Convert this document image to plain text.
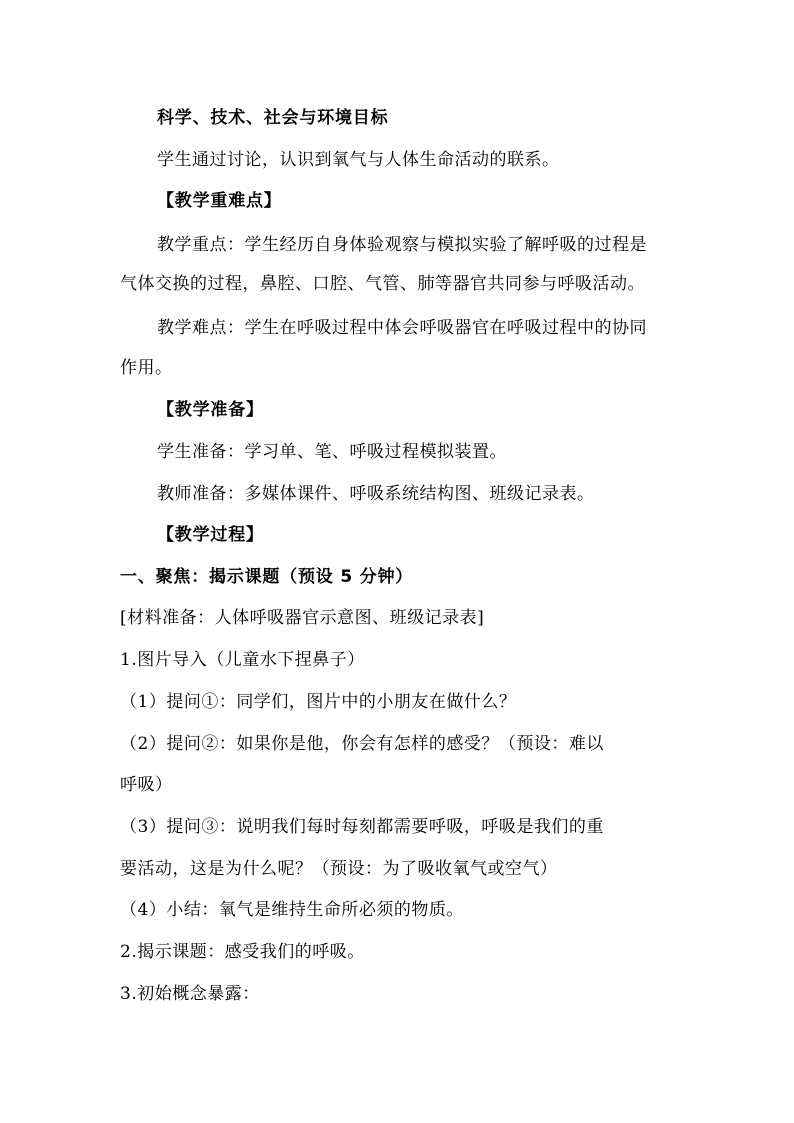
科学、技术、社会与环境目标
学生通过讨论，认识到氧气与人体生命活动的联系。
【教学重难点】
教学重点：学生经历自身体验观察与模拟实验了解呼吸的过程是
气体交换的过程，鼻腔、口腔、气管、肺等器官共同参与呼吸活动。
教学难点：学生在呼吸过程中体会呼吸器官在呼吸过程中的协同
作用。
【教学准备】
学生准备：学习单、笔、呼吸过程模拟装置。
教师准备：多媒体课件、呼吸系统结构图、班级记录表。
【教学过程】
一、聚焦：揭示课题（预设 5 分钟）
[材料准备：人体呼吸器官示意图、班级记录表]
1.图片导入（儿童水下捏鼻子）
（1）提问①：同学们，图片中的小朋友在做什么？
（2）提问②：如果你是他，你会有怎样的感受？（预设：难以
呼吸）
（3）提问③：说明我们每时每刻都需要呼吸，呼吸是我们的重
要活动，这是为什么呢？（预设：为了吸收氧气或空气）
（4）小结：氧气是维持生命所必须的物质。
2.揭示课题：感受我们的呼吸。
3.初始概念暴露：
